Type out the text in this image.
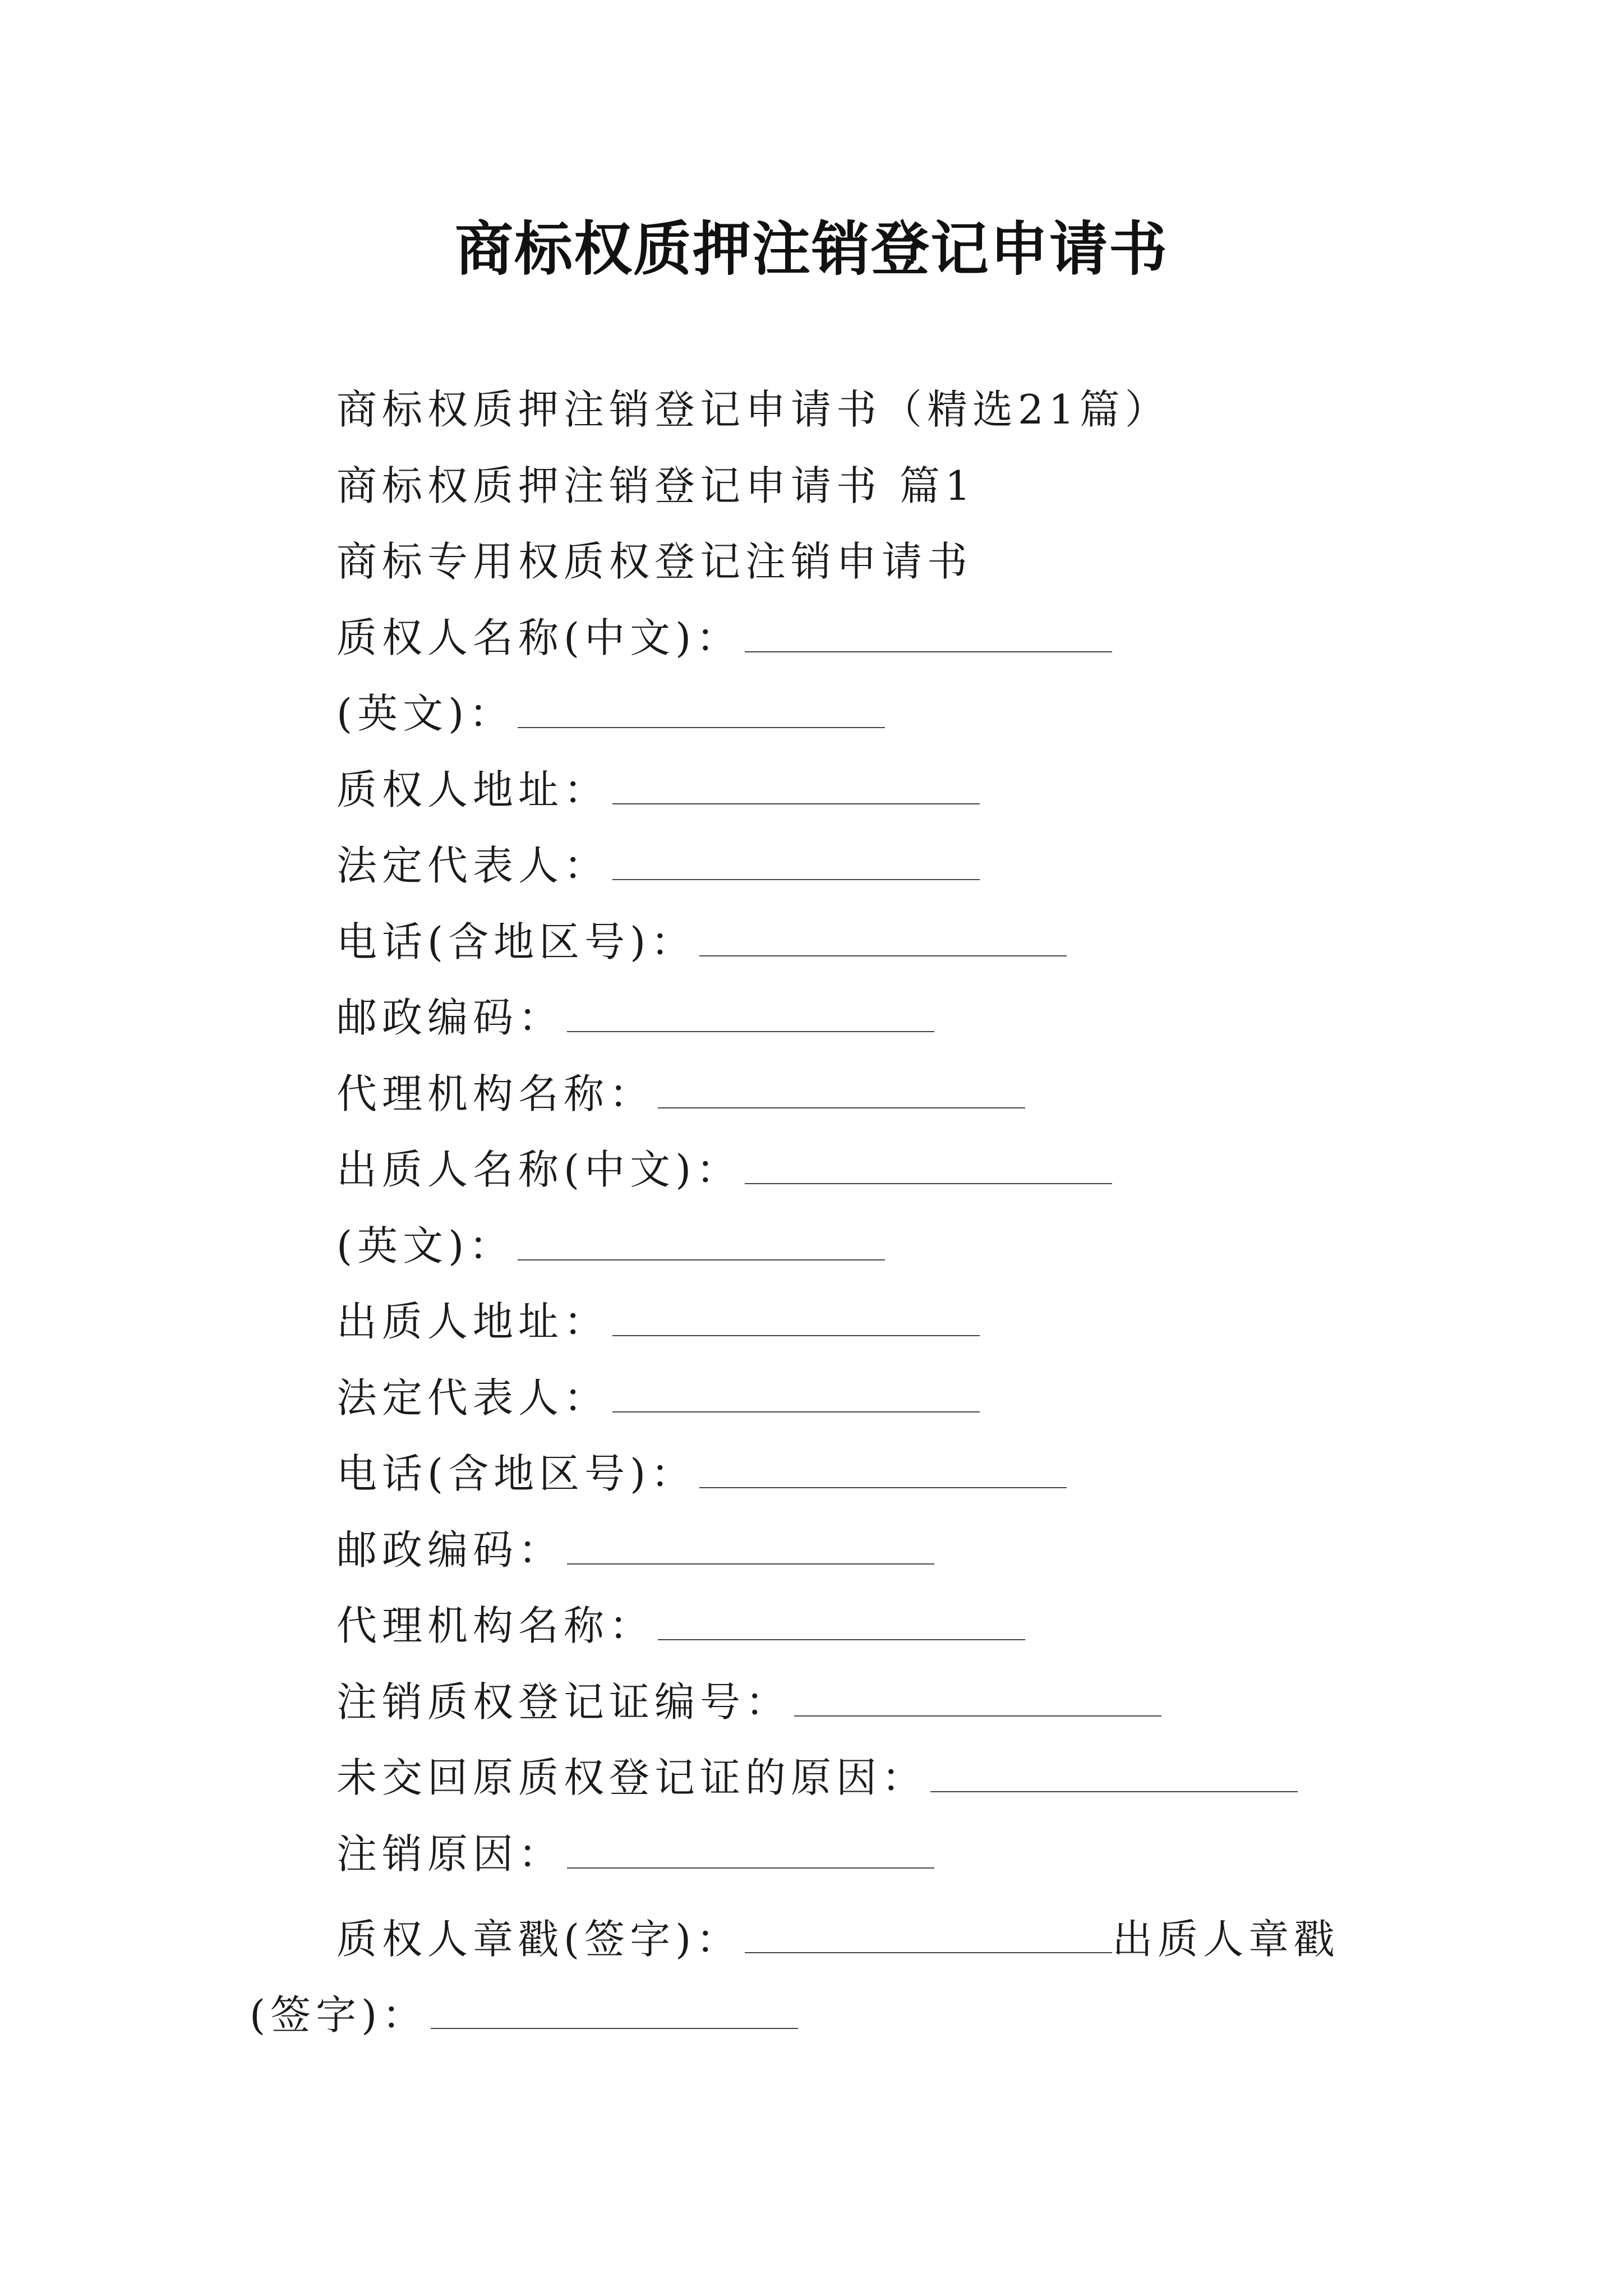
商标权质押注销登记申请书
商标权质押注销登记申请书（精选21篇）
商标权质押注销登记申请书 篇1
商标专用权质权登记注销申请书
质权人名称(中文)：
(英文)：
质权人地址：
法定代表人：
电话(含地区号)：
邮政编码：
代理机构名称：
出质人名称(中文)：
(英文)：
出质人地址：
法定代表人：
电话(含地区号)：
邮政编码：
代理机构名称：
注销质权登记证编号：
未交回原质权登记证的原因：
注销原因：
质权人章戳(签字)：	出质人章戳(签字)：
